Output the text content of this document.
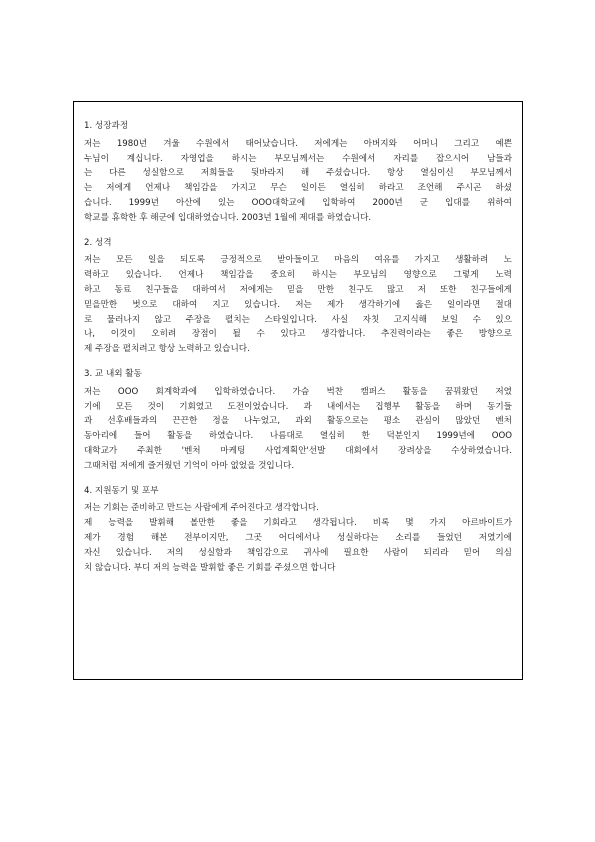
1. 성장과정
저는 1980년 겨울 수원에서 태어났습니다. 저에게는 아버지와 어머니 그리고 예쁜
누님이 계십니다. 자영업을 하시는 부모님께서는 수원에서 자리를 잡으시어 남들과
는 다른 성실함으로 저희들을 뒷바라지 해 주셨습니다. 항상 열심이신 부모님께서
는 저에게 언제나 책임감을 가지고 무슨 일이든 열심히 하라고 조언해 주시곤 하셨
습니다. 1999년 아산에 있는 OOO대학교에 입학하여 2000년 군 입대를 위하여
학교를 휴학한 후 해군에 입대하였습니다. 2003년 1월에 제대를 하였습니다.
2. 성격
저는 모든 일을 되도록 긍정적으로 받아들이고 마음의 여유를 가지고 생활하려 노
력하고 있습니다. 언제나 책임감을 중요히 하시는 부모님의 영향으로 그렇게 노력
하고 동료 친구들을 대하여서 저에게는 믿을 만한 친구도 많고 저 또한 친구들에게
믿을만한 벗으로 대하여 지고 있습니다. 저는 제가 생각하기에 옳은 일이라면 절대
로 물러나지 않고 주장을 펼치는 스타일입니다. 사실 자칫 고지식해 보일 수 있으
나, 이것이 오히려 장점이 될 수 있다고 생각합니다. 추진력이라는 좋은 방향으로
제 주장을 펼치려고 항상 노력하고 있습니다.
3. 교 내외 활동
저는 OOO 회계학과에 입학하였습니다. 가슴 벅찬 캠퍼스 활동을 꿈꿔왔던 저였
기에 모든 것이 기회였고 도전이었습니다. 과 내에서는 집행부 활동을 하며 동기들
과 선후배들과의 끈끈한 정을 나누었고, 과외 활동으로는 평소 관심이 많았던 벤처
동아리에 들어 활동을 하였습니다. 나름대로 열심히 한 덕분인지 1999년에 OOO
대학교가 주최한 '벤처 마케팅 사업계획안'선발 대회에서 장려상을 수상하였습니다.
그때처럼 저에게 즐거웠던 기억이 아마 없었을 것입니다.
4. 지원동기 및 포부
저는 기회는 준비하고 만드는 사람에게 주어진다고 생각합니다.
제 능력을 발휘해 볼만한 좋을 기회라고 생각됩니다. 비록 몇 가지 아르바이트가
제가 경험 해본 전부이지만, 그곳 어디에서나 성실하다는 소리를 들었던 저였기에
자신 있습니다. 저의 성실함과 책임감으로 귀사에 필요한 사람이 되리라 믿어 의심
치 않습니다. 부디 저의 능력을 발휘할 좋은 기회를 주셨으면 합니다
